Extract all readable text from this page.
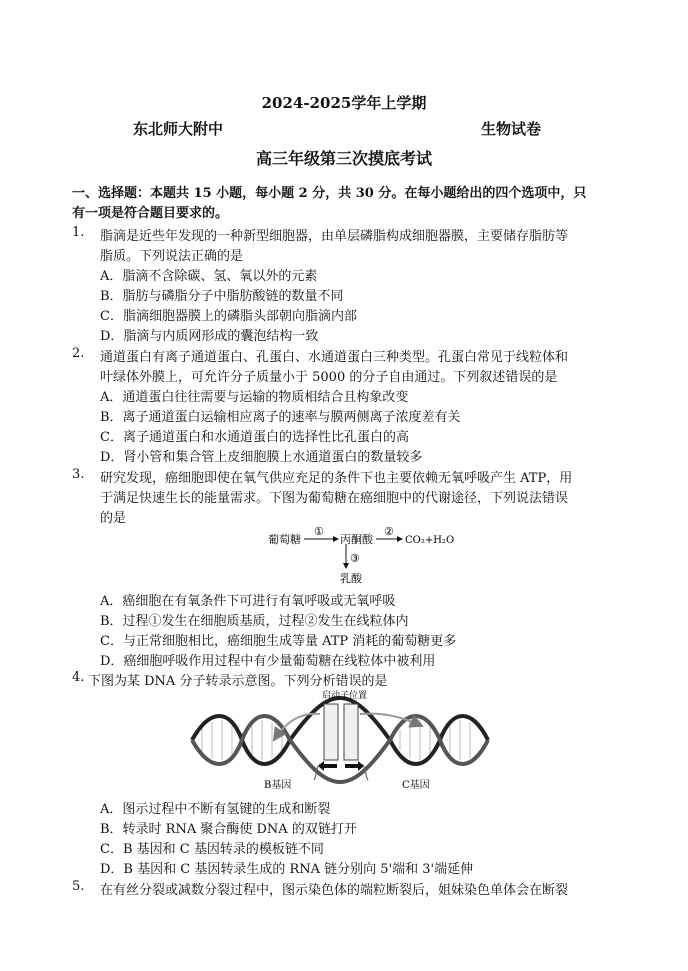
2024-2025学年上学期
东北师大附中	生物试卷
高三年级第三次摸底考试
一、选择题：本题共 15 小题，每小题 2 分，共 30 分。在每小题给出的四个选项中，只
有一项是符合题目要求的。
1. 脂滴是近些年发现的一种新型细胞器，由单层磷脂构成细胞器膜，主要储存脂肪等
脂质。下列说法正确的是
A．脂滴不含除碳、氢、氧以外的元素
B．脂肪与磷脂分子中脂肪酸链的数量不同
C．脂滴细胞器膜上的磷脂头部朝向脂滴内部
D．脂滴与内质网形成的囊泡结构一致
2. 通道蛋白有离子通道蛋白、孔蛋白、水通道蛋白三种类型。孔蛋白常见于线粒体和
叶绿体外膜上，可允许分子质量小于 5000 的分子自由通过。下列叙述错误的是
A．通道蛋白往往需要与运输的物质相结合且构象改变
B．离子通道蛋白运输相应离子的速率与膜两侧离子浓度差有关
C．离子通道蛋白和水通道蛋白的选择性比孔蛋白的高
D．肾小管和集合管上皮细胞膜上水通道蛋白的数量较多
3. 研究发现，癌细胞即使在氧气供应充足的条件下也主要依赖无氧呼吸产生 ATP，用
于满足快速生长的能量需求。下图为葡萄糖在癌细胞中的代谢途径，下列说法错误
的是
葡萄糖
①
丙酮酸
②
CO₂+H₂O
③
乳酸
A．癌细胞在有氧条件下可进行有氧呼吸或无氧呼吸
B．过程①发生在细胞质基质，过程②发生在线粒体内
C．与正常细胞相比，癌细胞生成等量 ATP 消耗的葡萄糖更多
D．癌细胞呼吸作用过程中有少量葡萄糖在线粒体中被利用
4. 下图为某 DNA 分子转录示意图。下列分析错误的是
启动子位置
B基因	C基因
A．图示过程中不断有氢键的生成和断裂
B．转录时 RNA 聚合酶使 DNA 的双链打开
C．B 基因和 C 基因转录的模板链不同
D．B 基因和 C 基因转录生成的 RNA 链分别向 5'端和 3'端延伸
5. 在有丝分裂或减数分裂过程中，图示染色体的端粒断裂后，姐妹染色单体会在断裂
